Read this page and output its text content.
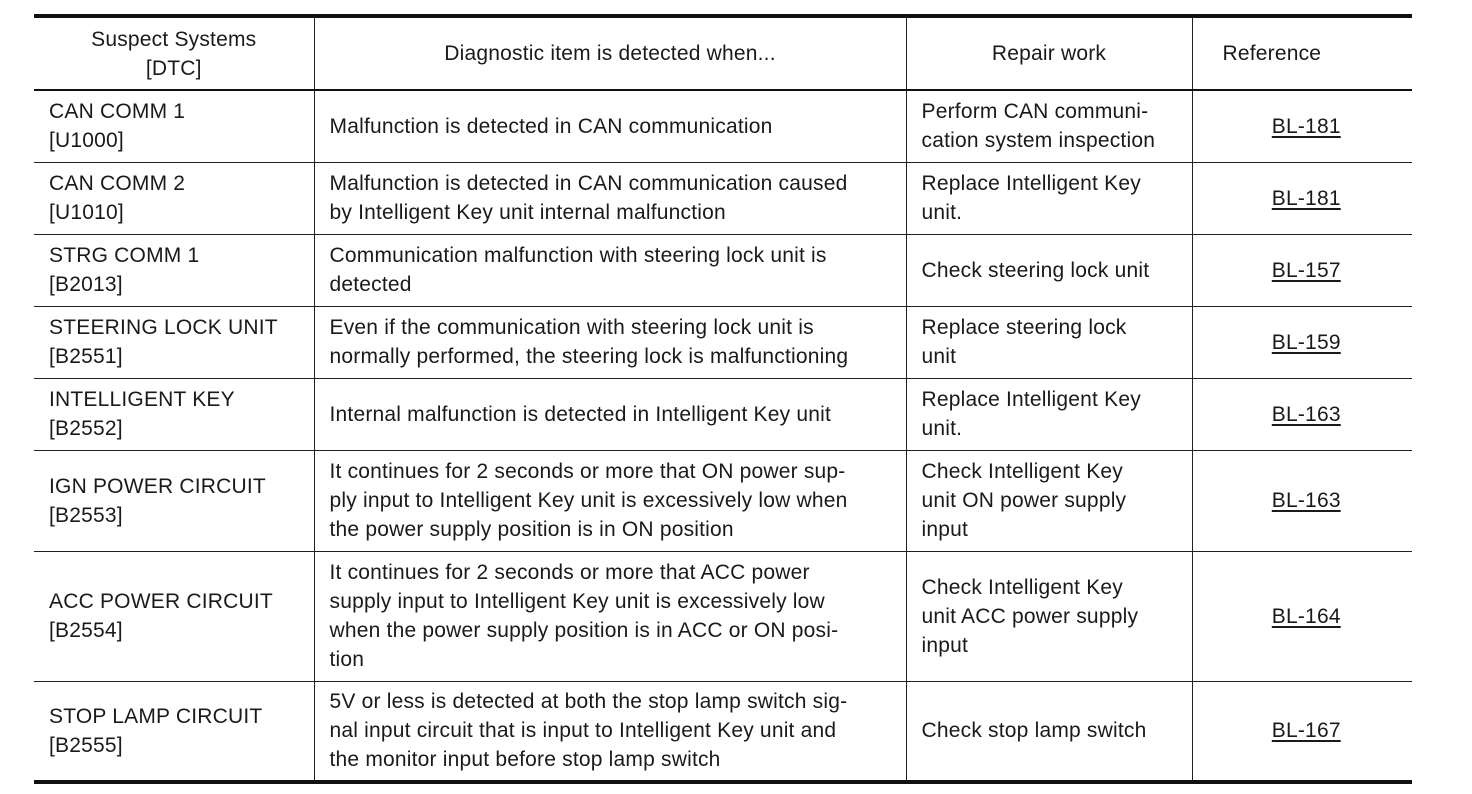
Suspect Systems
[DTC]	Diagnostic item is detected when...	Repair work	Reference

CAN COMM 1
[U1000]	Malfunction is detected in CAN communication	Perform CAN communi-
cation system inspection	BL-181

CAN COMM 2
[U1010]	Malfunction is detected in CAN communication caused
by Intelligent Key unit internal malfunction	Replace Intelligent Key
unit.	BL-181

STRG COMM 1
[B2013]	Communication malfunction with steering lock unit is
detected	Check steering lock unit	BL-157

STEERING LOCK UNIT
[B2551]	Even if the communication with steering lock unit is
normally performed, the steering lock is malfunctioning	Replace steering lock
unit	BL-159

INTELLIGENT KEY
[B2552]	Internal malfunction is detected in Intelligent Key unit	Replace Intelligent Key
unit.	BL-163

IGN POWER CIRCUIT
[B2553]	It continues for 2 seconds or more that ON power sup-
ply input to Intelligent Key unit is excessively low when
the power supply position is in ON position	Check Intelligent Key
unit ON power supply
input	BL-163

ACC POWER CIRCUIT
[B2554]	It continues for 2 seconds or more that ACC power
supply input to Intelligent Key unit is excessively low
when the power supply position is in ACC or ON posi-
tion	Check Intelligent Key
unit ACC power supply
input	BL-164

STOP LAMP CIRCUIT
[B2555]	5V or less is detected at both the stop lamp switch sig-
nal input circuit that is input to Intelligent Key unit and
the monitor input before stop lamp switch	Check stop lamp switch	BL-167
